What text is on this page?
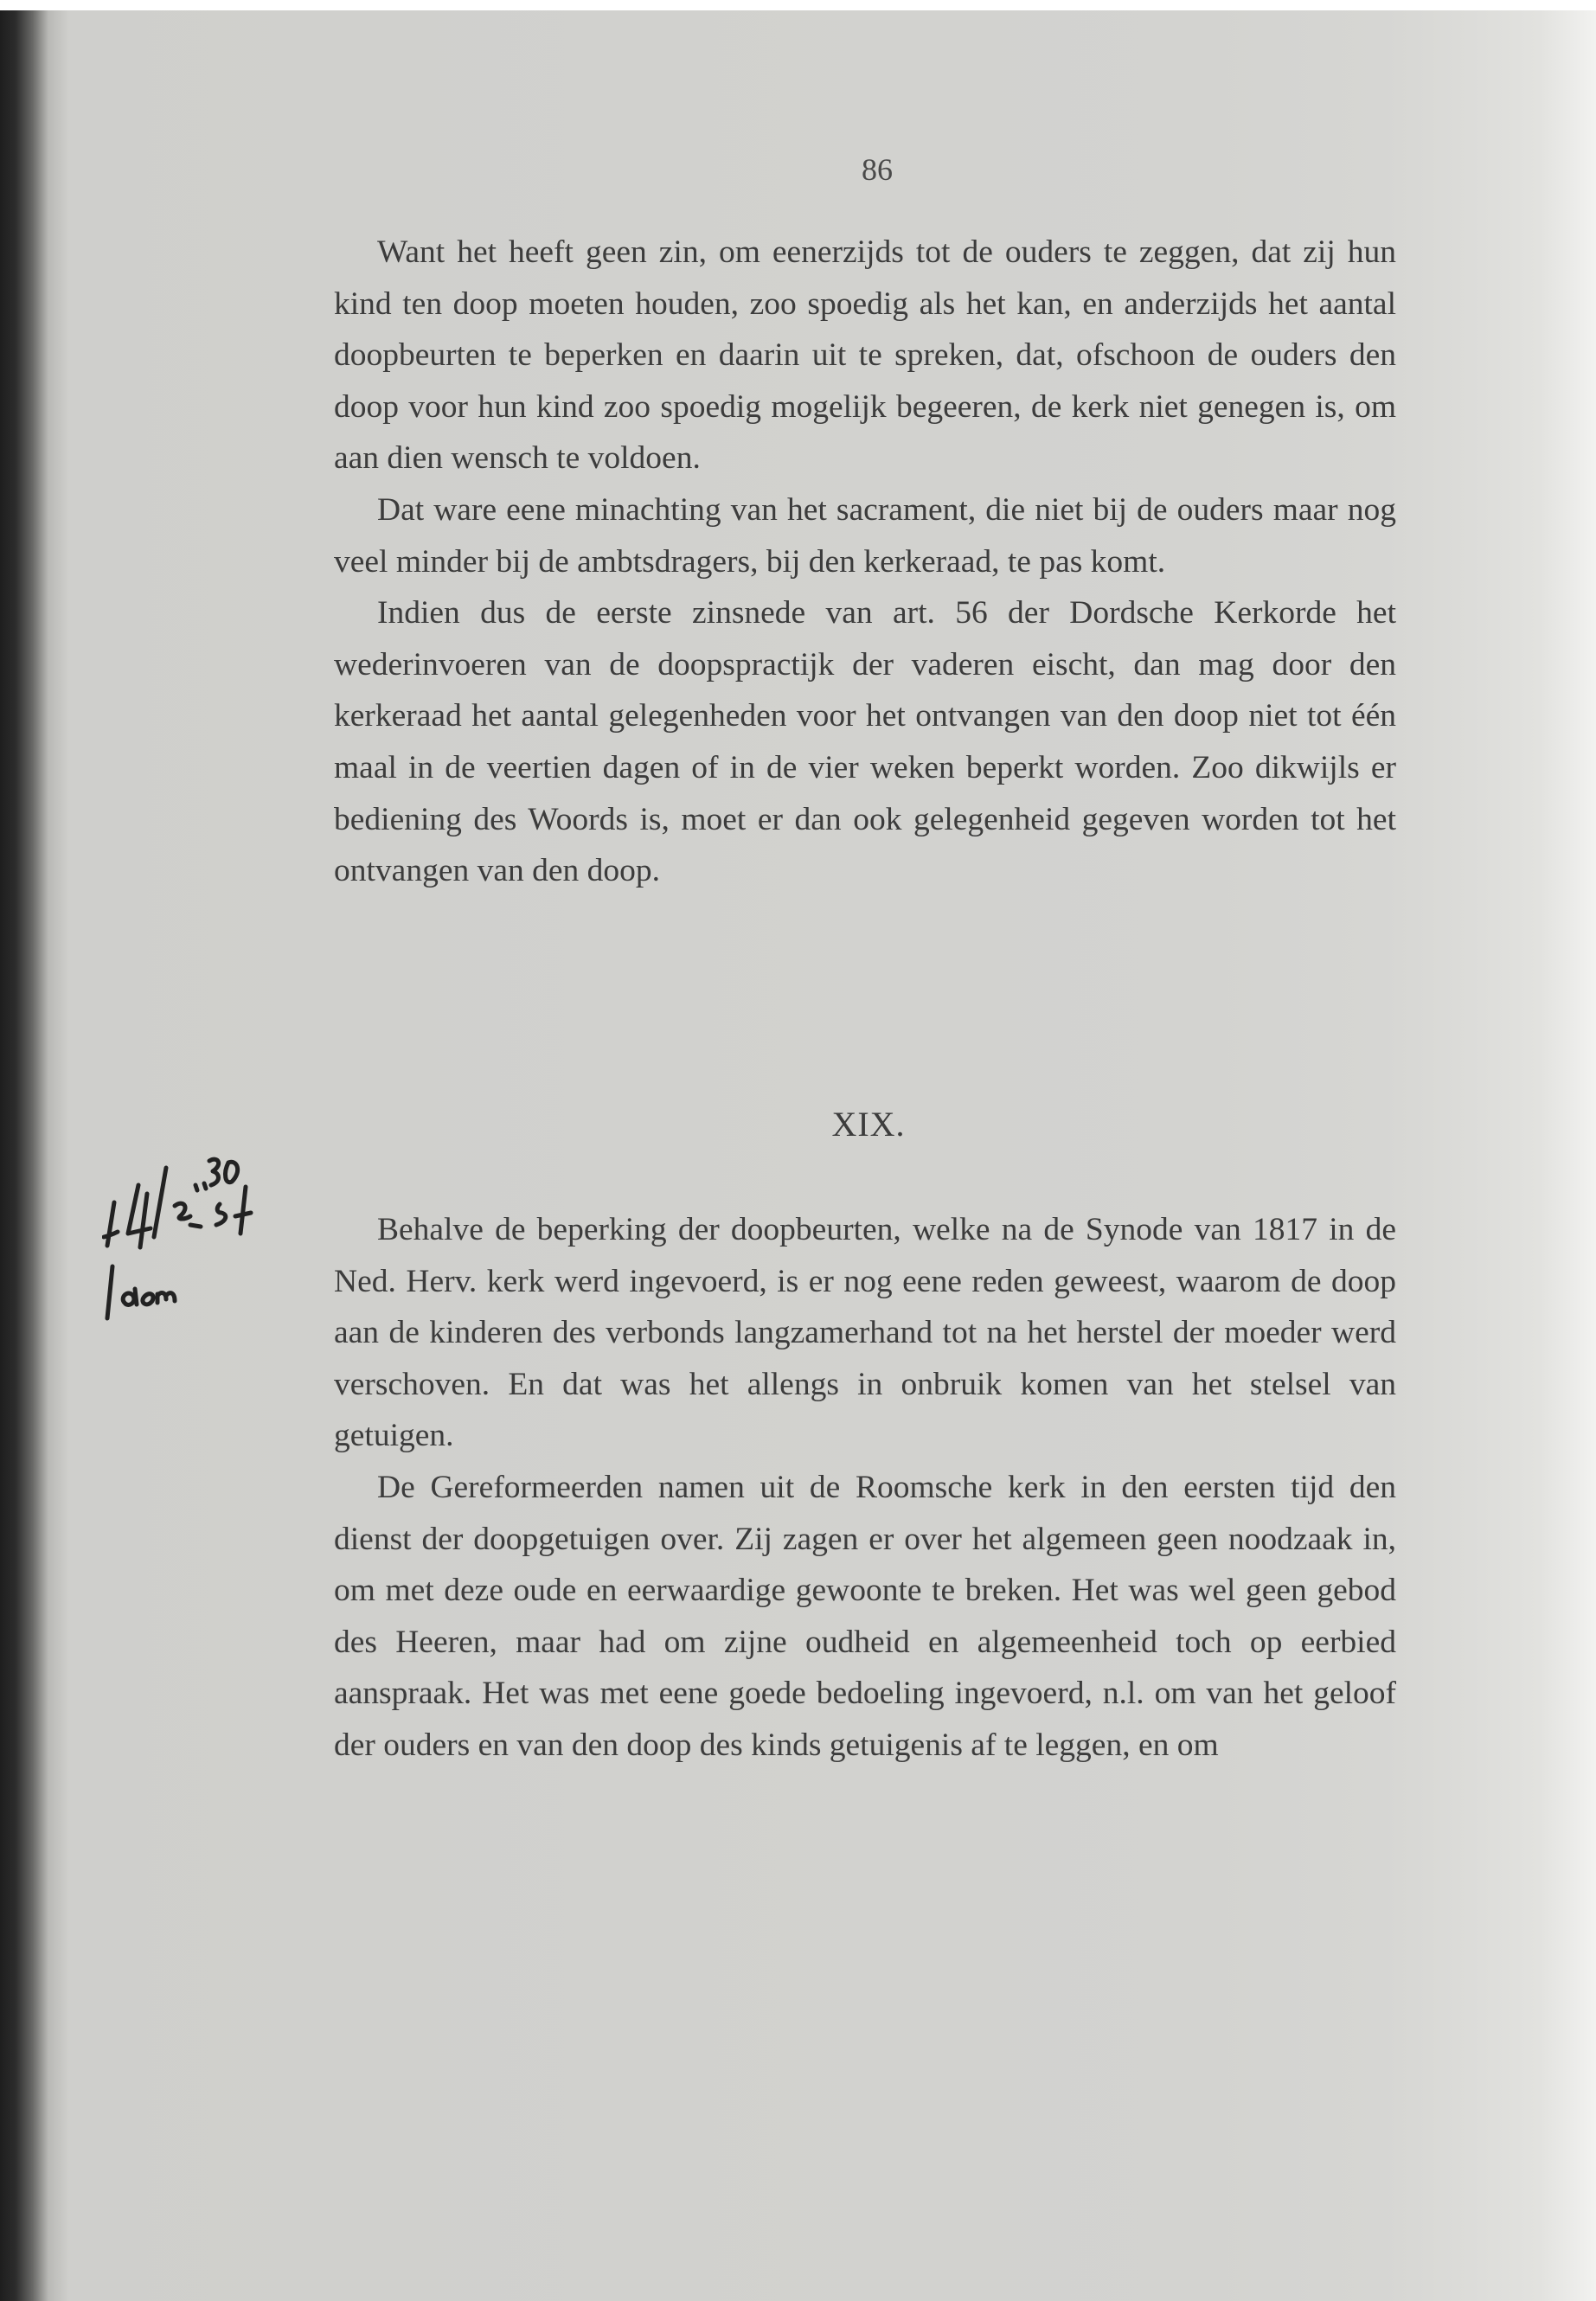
86

Want het heeft geen zin, om eenerzijds tot de ouders te zeggen, dat zij hun kind ten doop moeten houden, zoo spoedig als het kan, en anderzijds het aantal doopbeurten te beperken en daarin uit te spreken, dat, ofschoon de ouders den doop voor hun kind zoo spoedig mogelijk begeeren, de kerk niet genegen is, om aan dien wensch te voldoen.

Dat ware eene minachting van het sacrament, die niet bij de ouders maar nog veel minder bij de ambtsdragers, bij den kerkeraad, te pas komt.

Indien dus de eerste zinsnede van art. 56 der Dordsche Kerkorde het wederinvoeren van de doopspractijk der vaderen eischt, dan mag door den kerkeraad het aantal gelegenheden voor het ontvangen van den doop niet tot één maal in de veertien dagen of in de vier weken beperkt worden. Zoo dikwijls er bediening des Woords is, moet er dan ook gelegenheid gegeven worden tot het ontvangen van den doop.

XIX.

Behalve de beperking der doopbeurten, welke na de Synode van 1817 in de Ned. Herv. kerk werd ingevoerd, is er nog eene reden geweest, waarom de doop aan de kinderen des verbonds langzamerhand tot na het herstel der moeder werd verschoven. En dat was het allengs in onbruik komen van het stelsel van getuigen.

De Gereformeerden namen uit de Roomsche kerk in den eersten tijd den dienst der doopgetuigen over. Zij zagen er over het algemeen geen noodzaak in, om met deze oude en eerwaardige gewoonte te breken. Het was wel geen gebod des Heeren, maar had om zijne oudheid en algemeenheid toch op eerbied aanspraak. Het was met eene goede bedoeling ingevoerd, n.l. om van het geloof der ouders en van den doop des kinds getuigenis af te leggen, en om
